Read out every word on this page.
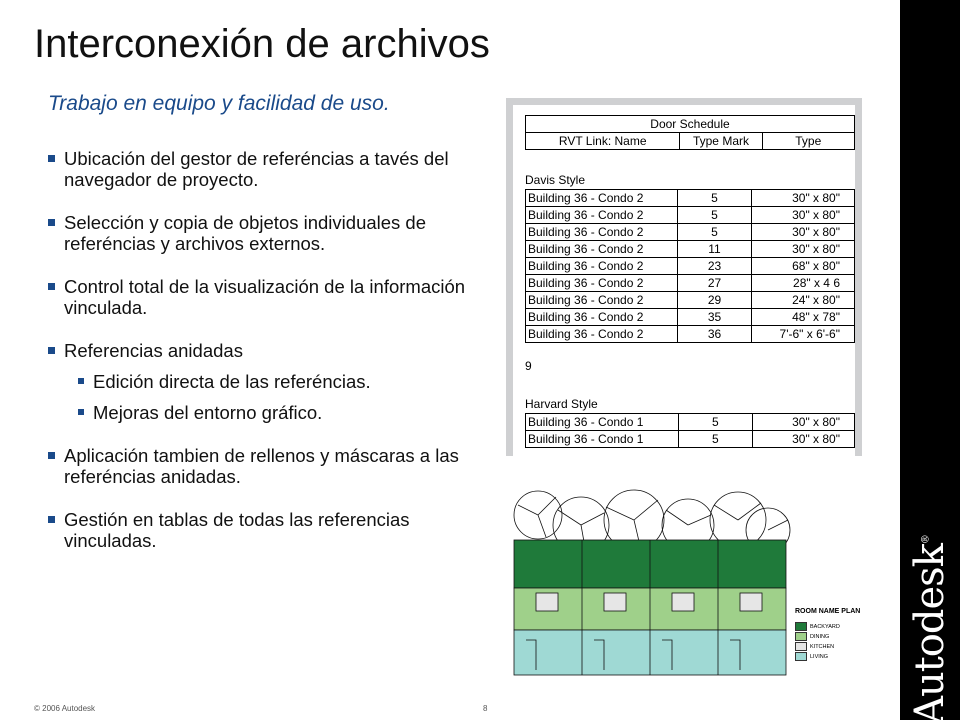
Interconexión de archivos
Trabajo en equipo y facilidad de uso.

Ubicación del gestor de referéncias a tavés del navegador de proyecto.

Selección y copia de objetos individuales de referéncias y archivos externos.

Control total de la visualización de la información vinculada.

Referencias anidadas

Edición directa de las referéncias.

Mejoras del entorno gráfico.

Aplicación tambien de rellenos y máscaras a las referéncias anidadas.

Gestión en tablas de todas las referencias vinculadas.

Door Schedule
RVT Link: Name	Type Mark	Type
Davis Style
Building 36 - Condo 2	5	30" x 80"
Building 36 - Condo 2	5	30" x 80"
Building 36 - Condo 2	5	30" x 80"
Building 36 - Condo 2	11	30" x 80"
Building 36 - Condo 2	23	68" x 80"
Building 36 - Condo 2	27	28" x 4 6
Building 36 - Condo 2	29	24" x 80"
Building 36 - Condo 2	35	48" x 78"
Building 36 - Condo 2	36	7'-6" x 6'-6"
9
Harvard Style
Building 36 - Condo 1	5	30" x 80"
Building 36 - Condo 1	5	30" x 80"
ROOM NAME PLAN
BACKYARD
DINING
KITCHEN
LIVING Autodesk®
© 2006 Autodesk	8
